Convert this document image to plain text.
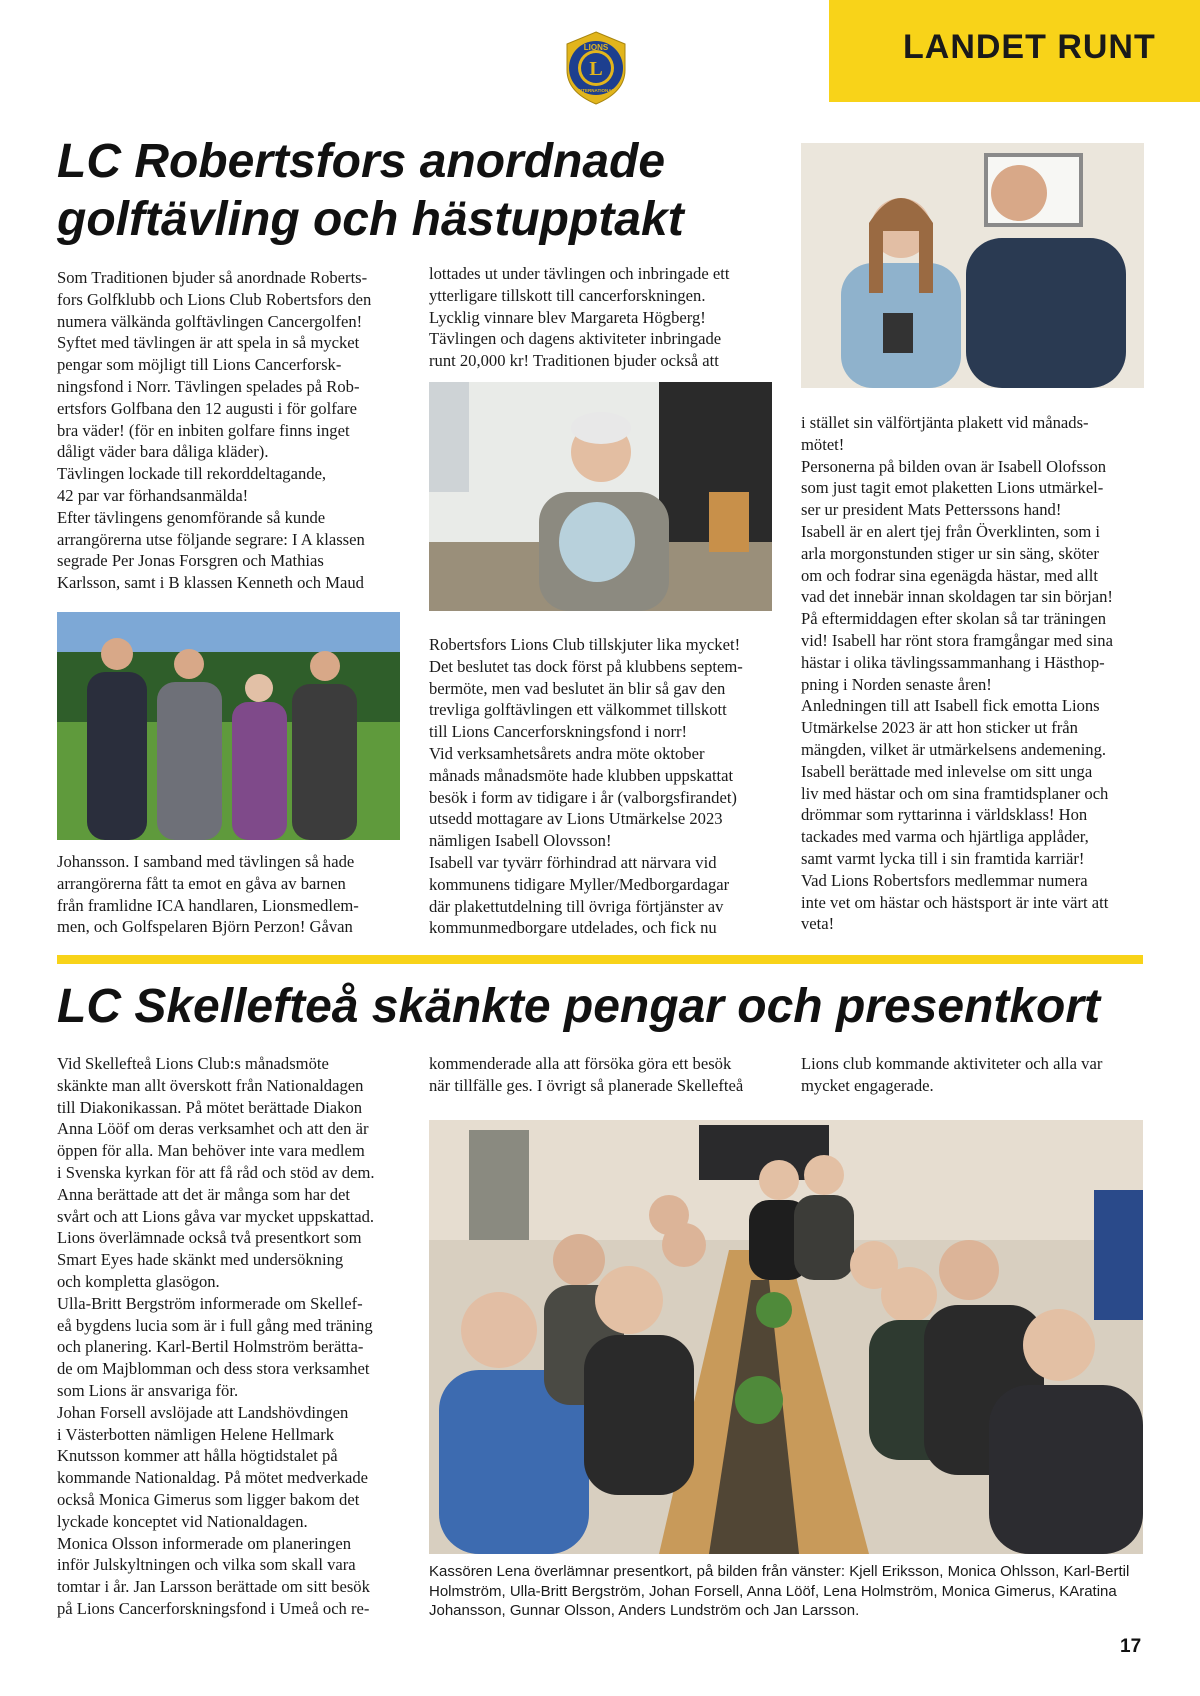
LANDET RUNT
LIONS
L
INTERNATIONAL
LC Robertsfors anordnade golftävling och hästupptakt
Som Traditionen bjuder så anordnade Roberts-
fors Golfklubb och Lions Club Robertsfors den
numera välkända golftävlingen Cancergolfen!
Syftet med tävlingen är att spela in så mycket
pengar som möjligt till Lions Cancerforsk-
ningsfond i Norr. Tävlingen spelades på Rob-
ertsfors Golfbana den 12 augusti i för golfare
bra väder! (för en inbiten golfare finns inget
dåligt väder bara dåliga kläder).
Tävlingen lockade till rekorddeltagande,
42 par var förhandsanmälda!
Efter tävlingens genomförande så kunde
arrangörerna utse följande segrare: I A klassen
segrade Per Jonas Forsgren och Mathias
Karlsson, samt i B klassen Kenneth och Maud
Johansson. I samband med tävlingen så hade
arrangörerna fått ta emot en gåva av barnen
från framlidne ICA handlaren, Lionsmedlem-
men, och Golfspelaren Björn Perzon! Gåvan
lottades ut under tävlingen och inbringade ett
ytterligare tillskott till cancerforskningen.
Lycklig vinnare blev Margareta Högberg!
Tävlingen och dagens aktiviteter inbringade
runt 20,000 kr! Traditionen bjuder också att
Robertsfors Lions Club tillskjuter lika mycket!
Det beslutet tas dock först på klubbens septem-
bermöte, men vad beslutet än blir så gav den
trevliga golftävlingen ett välkommet tillskott
till Lions Cancerforskningsfond i norr!
Vid verksamhetsårets andra möte oktober
månads månadsmöte hade klubben uppskattat
besök i form av tidigare i år (valborgsfirandet)
utsedd mottagare av Lions Utmärkelse 2023
nämligen Isabell Olovsson!
Isabell var tyvärr förhindrad att närvara vid
kommunens tidigare Myller/Medborgardagar
där plakettutdelning till övriga förtjänster av
kommunmedborgare utdelades, och fick nu
i stället sin välförtjänta plakett vid månads-
mötet!
Personerna på bilden ovan är Isabell Olofsson
som just tagit emot plaketten Lions utmärkel-
ser ur president Mats Petterssons hand!
Isabell är en alert tjej från Överklinten, som i
arla morgonstunden stiger ur sin säng, sköter
om och fodrar sina egenägda hästar, med allt
vad det innebär innan skoldagen tar sin början!
På eftermiddagen efter skolan så tar träningen
vid! Isabell har rönt stora framgångar med sina
hästar i olika tävlingssammanhang i Hästhop-
pning i Norden senaste åren!
Anledningen till att Isabell fick emotta Lions
Utmärkelse 2023 är att hon sticker ut från
mängden, vilket är utmärkelsens andemening.
Isabell berättade med inlevelse om sitt unga
liv med hästar och om sina framtidsplaner och
drömmar som ryttarinna i världsklass! Hon
tackades med varma och hjärtliga applåder,
samt varmt lycka till i sin framtida karriär!
Vad Lions Robertsfors medlemmar numera
inte vet om hästar och hästsport är inte värt att
veta!
LC Skellefteå skänkte pengar och presentkort
Vid Skellefteå Lions Club:s månadsmöte
skänkte man allt överskott från Nationaldagen
till Diakonikassan. På mötet berättade Diakon
Anna Lööf om deras verksamhet och att den är
öppen för alla. Man behöver inte vara medlem
i Svenska kyrkan för att få råd och stöd av dem.
Anna berättade att det är många som har det
svårt och att Lions gåva var mycket uppskattad.
Lions överlämnade också två presentkort som
Smart Eyes hade skänkt med undersökning
och kompletta glasögon.
Ulla-Britt Bergström informerade om Skellef-
eå bygdens lucia som är i full gång med träning
och planering. Karl-Bertil Holmström berätta-
de om Majblomman och dess stora verksamhet
som Lions är ansvariga för.
Johan Forsell avslöjade att Landshövdingen
i Västerbotten nämligen Helene Hellmark
Knutsson kommer att hålla högtidstalet på
kommande Nationaldag. På mötet medverkade
också Monica Gimerus som ligger bakom det
lyckade konceptet vid Nationaldagen.
Monica Olsson informerade om planeringen
inför Julskyltningen och vilka som skall vara
tomtar i år. Jan Larsson berättade om sitt besök
på Lions Cancerforskningsfond i Umeå och re-
kommenderade alla att försöka göra ett besök
när tillfälle ges. I övrigt så planerade Skellefteå
Lions club kommande aktiviteter och alla var
mycket engagerade.
Kassören Lena överlämnar presentkort, på bilden från vänster: Kjell Eriksson, Monica Ohlsson, Karl-Bertil Holmström, Ulla-Britt Bergström, Johan Forsell, Anna Lööf, Lena Holmström, Monica Gimerus, KAratina Johansson, Gunnar Olsson, Anders Lundström och Jan Larsson.
17
